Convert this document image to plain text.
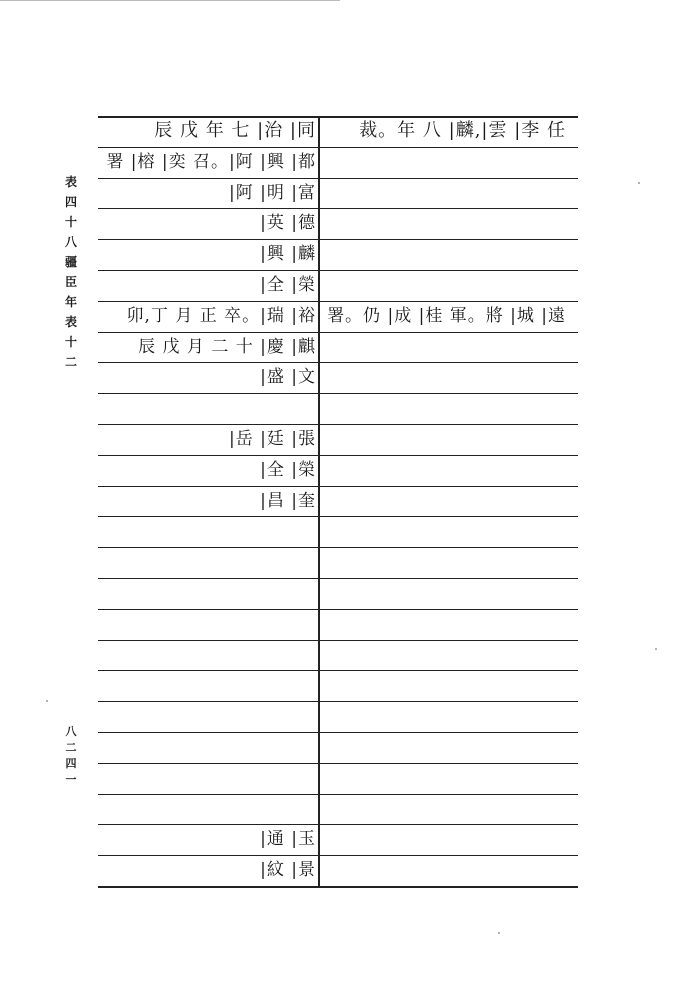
表
四
十
八
疆
臣
年
表
十
二
八
二
四
一
辰 戊 年 七 |治 |同 裁。年 八 |麟,|雲 |李 任
署 |榕 |奕 召。|阿 |興 |都
|阿 |明 |富
|英 |德
|興 |麟
|全 |榮
卯,丁 月 正 卒。|瑞 |裕 署。仍 |成 |桂 軍。將 |城 |遠
辰 戊 月 二 十 |慶 |麒
|盛 |文
|岳 |廷 |張
|全 |榮
|昌 |奎
|通 |玉
|紋 |景
